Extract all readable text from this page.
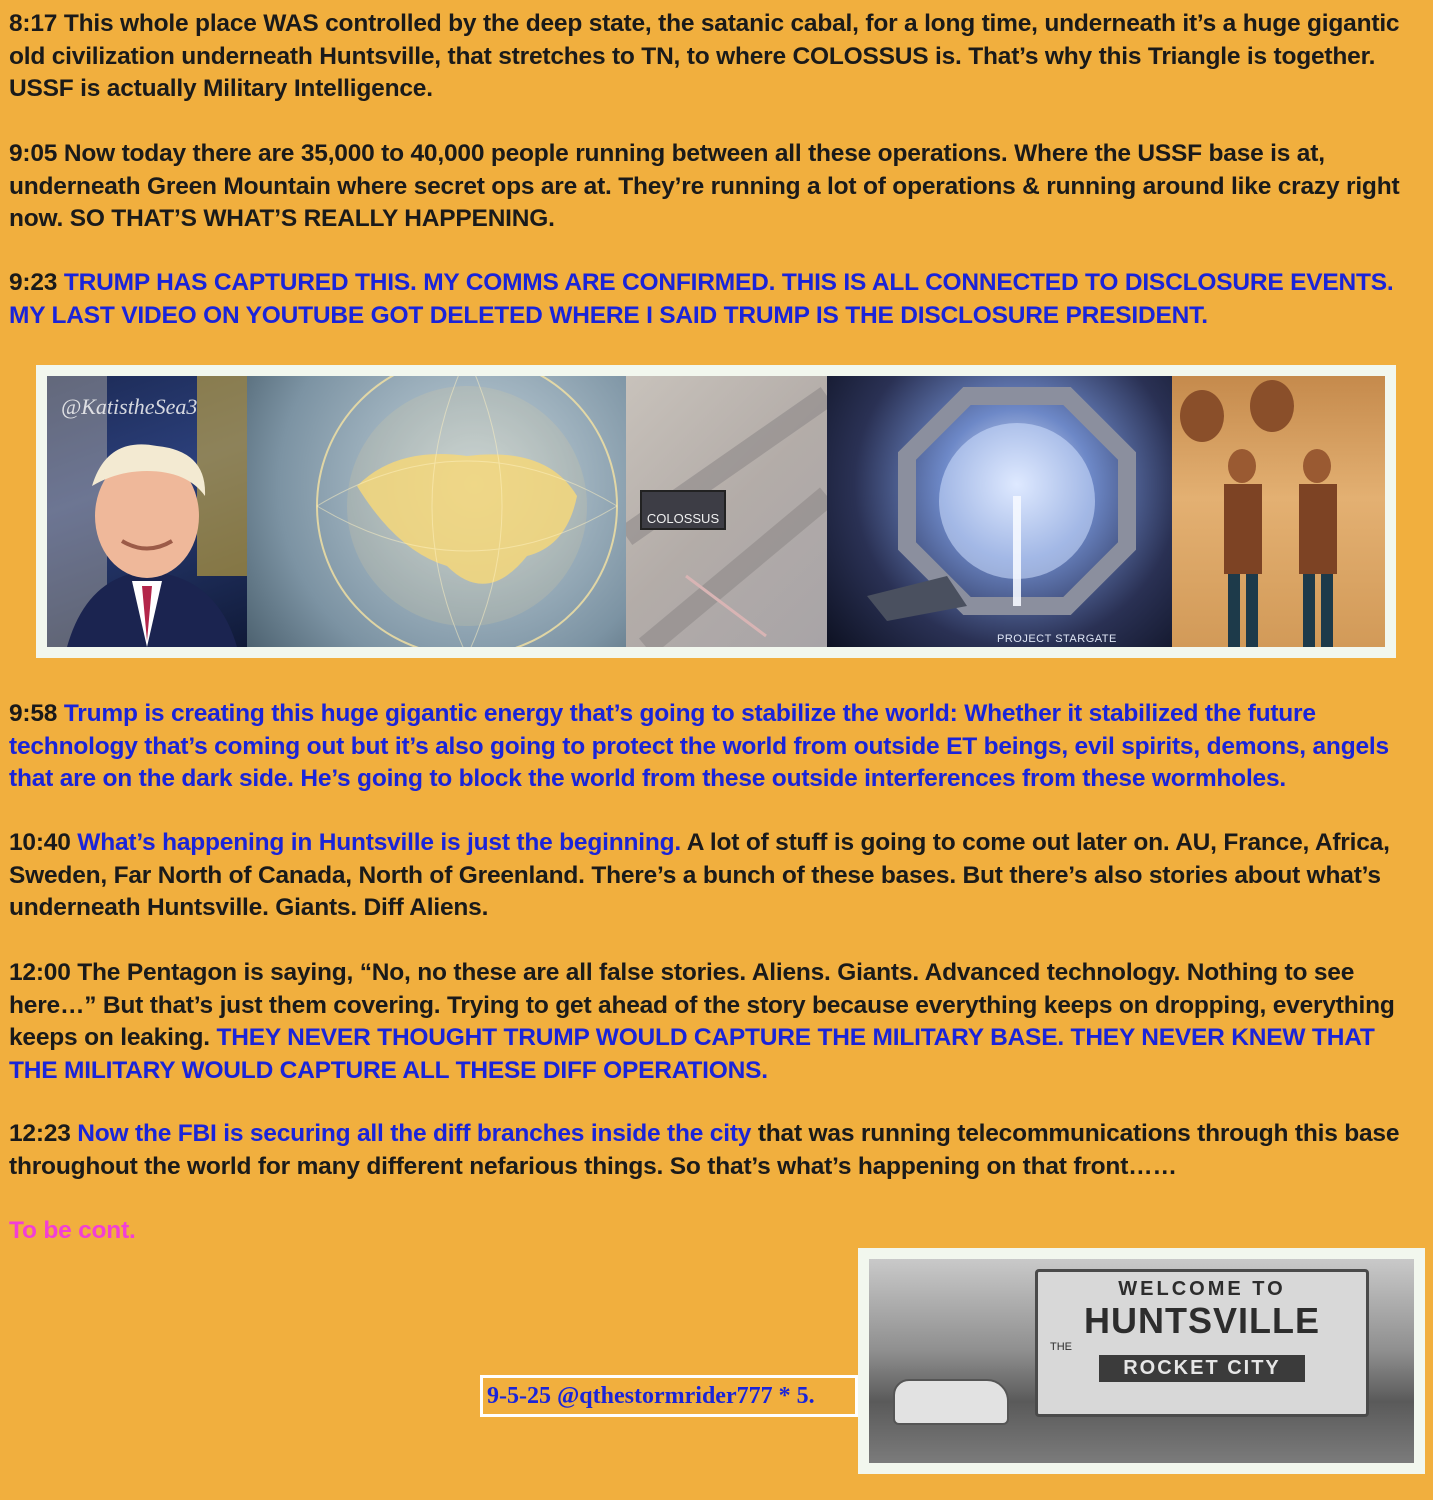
8:17 This whole place WAS controlled by the deep state, the satanic cabal, for a long time, underneath it’s a huge gigantic old civilization underneath Huntsville, that stretches to TN, to where COLOSSUS is. That’s why this Triangle is together. USSF is actually Military Intelligence.

9:05 Now today there are 35,000 to 40,000 people running between all these operations. Where the USSF base is at, underneath Green Mountain where secret ops are at. They’re running a lot of operations & running around like crazy right now. SO THAT’S WHAT’S REALLY HAPPENING.

9:23 TRUMP HAS CAPTURED THIS. MY COMMS ARE CONFIRMED. THIS IS ALL CONNECTED TO DISCLOSURE EVENTS. MY LAST VIDEO ON YOUTUBE GOT DELETED WHERE I SAID TRUMP IS THE DISCLOSURE PRESIDENT.

@KatistheSea3
COLOSSUS
PROJECT STARGATE

9:58 Trump is creating this huge gigantic energy that’s going to stabilize the world: Whether it stabilized the future technology that’s coming out but it’s also going to protect the world from outside ET beings, evil spirits, demons, angels that are on the dark side. He’s going to block the world from these outside interferences from these wormholes.

10:40 What’s happening in Huntsville is just the beginning. A lot of stuff is going to come out later on. AU, France, Africa, Sweden, Far North of Canada, North of Greenland. There’s a bunch of these bases. But there’s also stories about what’s underneath Huntsville. Giants. Diff Aliens.

12:00 The Pentagon is saying, “No, no these are all false stories. Aliens. Giants. Advanced technology. Nothing to see here…” But that’s just them covering. Trying to get ahead of the story because everything keeps on dropping, everything keeps on leaking. THEY NEVER THOUGHT TRUMP WOULD CAPTURE THE MILITARY BASE. THEY NEVER KNEW THAT THE MILITARY WOULD CAPTURE ALL THESE DIFF OPERATIONS.

12:23 Now the FBI is securing all the diff branches inside the city that was running telecommunications through this base throughout the world for many different nefarious things. So that’s what’s happening on that front……

To be cont.

9-5-25 @qthestormrider777 * 5.
WELCOME TO
HUNTSVILLE
THE
ROCKET CITY
